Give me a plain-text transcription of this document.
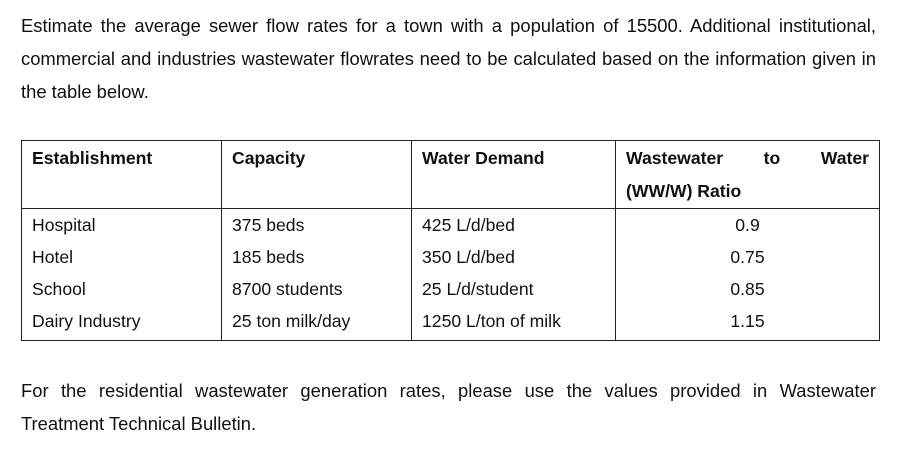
Estimate the average sewer flow rates for a town with a population of 15500. Additional institutional, commercial and industries wastewater flowrates need to be calculated based on the information given in the table below.

Establishment	Capacity	Water Demand	Wastewater to Water
(WW/W) Ratio

Hospital	375 beds	425 L/d/bed	0.9
Hotel	185 beds	350 L/d/bed	0.75
School	8700 students	25 L/d/student	0.85
Dairy Industry	25 ton milk/day	1250 L/ton of milk	1.15

For the residential wastewater generation rates, please use the values provided in Wastewater Treatment Technical Bulletin.
